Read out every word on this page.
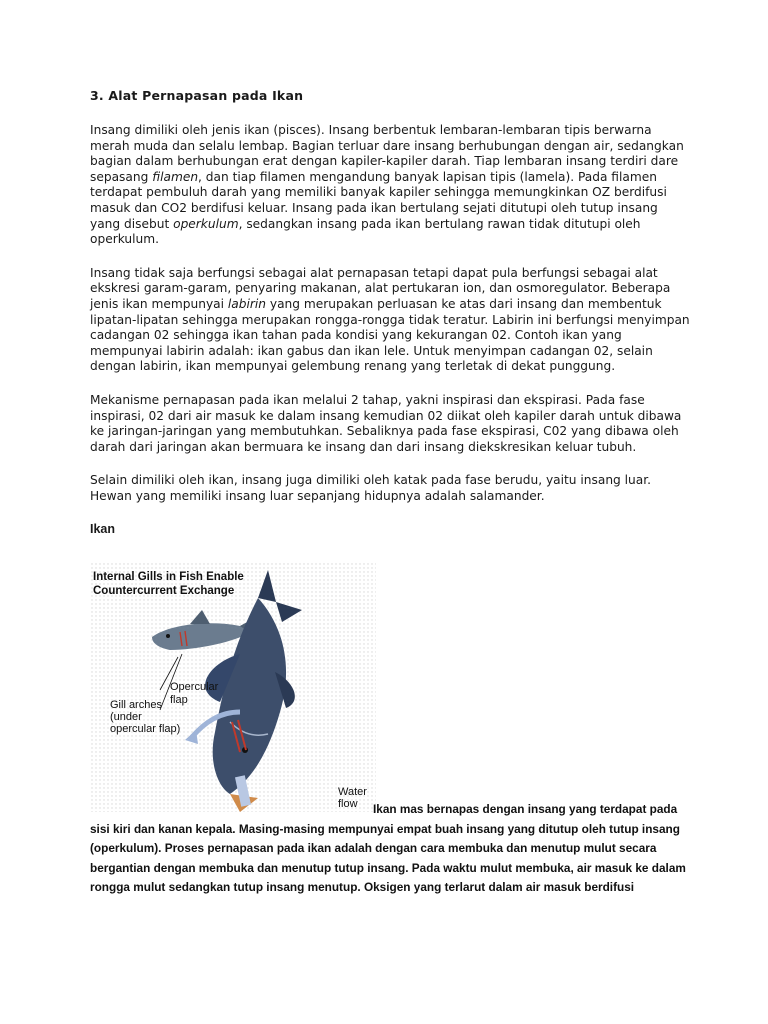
3. Alat Pernapasan pada Ikan

Insang dimiliki oleh jenis ikan (pisces). Insang berbentuk lembaran-lembaran tipis berwarna merah muda dan selalu lembap. Bagian terluar dare insang berhubungan dengan air, sedangkan bagian dalam berhubungan erat dengan kapiler-kapiler darah. Tiap lembaran insang terdiri dare sepasang filamen, dan tiap filamen mengandung banyak lapisan tipis (lamela). Pada filamen terdapat pembuluh darah yang memiliki banyak kapiler sehingga memungkinkan OZ berdifusi masuk dan CO2 berdifusi keluar. Insang pada ikan bertulang sejati ditutupi oleh tutup insang yang disebut operkulum, sedangkan insang pada ikan bertulang rawan tidak ditutupi oleh operkulum.

Insang tidak saja berfungsi sebagai alat pernapasan tetapi dapat pula berfungsi sebagai alat ekskresi garam-garam, penyaring makanan, alat pertukaran ion, dan osmoregulator. Beberapa jenis ikan mempunyai labirin yang merupakan perluasan ke atas dari insang dan membentuk lipatan-lipatan sehingga merupakan rongga-rongga tidak teratur. Labirin ini berfungsi menyimpan cadangan 02 sehingga ikan tahan pada kondisi yang kekurangan 02. Contoh ikan yang mempunyai labirin adalah: ikan gabus dan ikan lele. Untuk menyimpan cadangan 02, selain dengan labirin, ikan mempunyai gelembung renang yang terletak di dekat punggung.

Mekanisme pernapasan pada ikan melalui 2 tahap, yakni inspirasi dan ekspirasi. Pada fase inspirasi, 02 dari air masuk ke dalam insang kemudian 02 diikat oleh kapiler darah untuk dibawa ke jaringan-jaringan yang membutuhkan. Sebaliknya pada fase ekspirasi, C02 yang dibawa oleh darah dari jaringan akan bermuara ke insang dan dari insang diekskresikan keluar tubuh.

Selain dimiliki oleh ikan, insang juga dimiliki oleh katak pada fase berudu, yaitu insang luar. Hewan yang memiliki insang luar sepanjang hidupnya adalah salamander.

Ikan
Internal Gills in Fish Enable
Countercurrent Exchange
Opercular
flap
Gill arches
(under
opercular flap)
Water
flow	Ikan mas bernapas dengan insang yang terdapat pada sisi kiri dan kanan kepala. Masing-masing mempunyai empat buah insang yang ditutup oleh tutup insang (operkulum). Proses pernapasan pada ikan adalah dengan cara membuka dan menutup mulut secara bergantian dengan membuka dan menutup tutup insang. Pada waktu mulut membuka, air masuk ke dalam rongga mulut sedangkan tutup insang menutup. Oksigen yang terlarut dalam air masuk berdifusi
